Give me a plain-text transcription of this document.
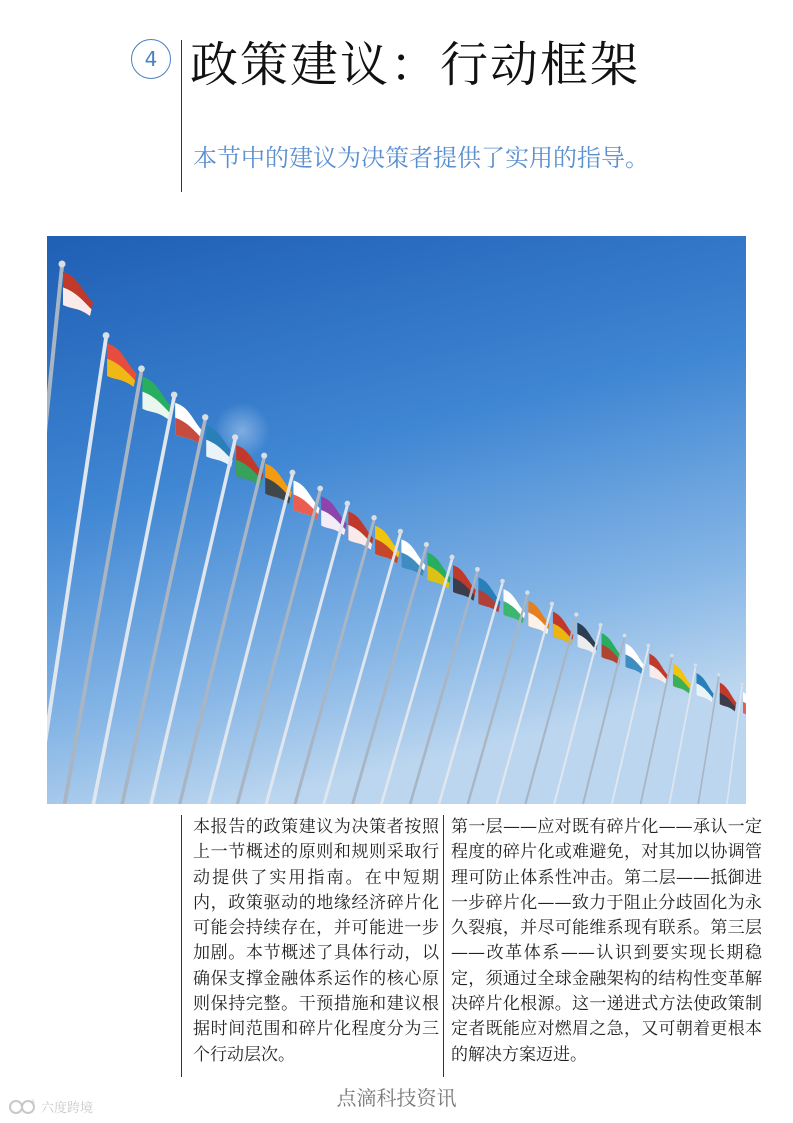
4 政策建议：行动框架
本节中的建议为决策者提供了实用的指导。
本报告的政策建议为决策者按照上一节概述的原则和规则采取行动提供了实用指南。在中短期内，政策驱动的地缘经济碎片化可能会持续存在，并可能进一步加剧。本节概述了具体行动，以确保支撑金融体系运作的核心原则保持完整。干预措施和建议根据时间范围和碎片化程度分为三个行动层次。
第一层——应对既有碎片化——承认一定程度的碎片化或难避免，对其加以协调管理可防止体系性冲击。第二层——抵御进一步碎片化——致力于阻止分歧固化为永久裂痕，并尽可能维系现有联系。第三层——改革体系——认识到要实现长期稳定，须通过全球金融架构的结构性变革解决碎片化根源。这一递进式方法使政策制定者既能应对燃眉之急，又可朝着更根本的解决方案迈进。
点滴科技资讯
6 六度跨境
